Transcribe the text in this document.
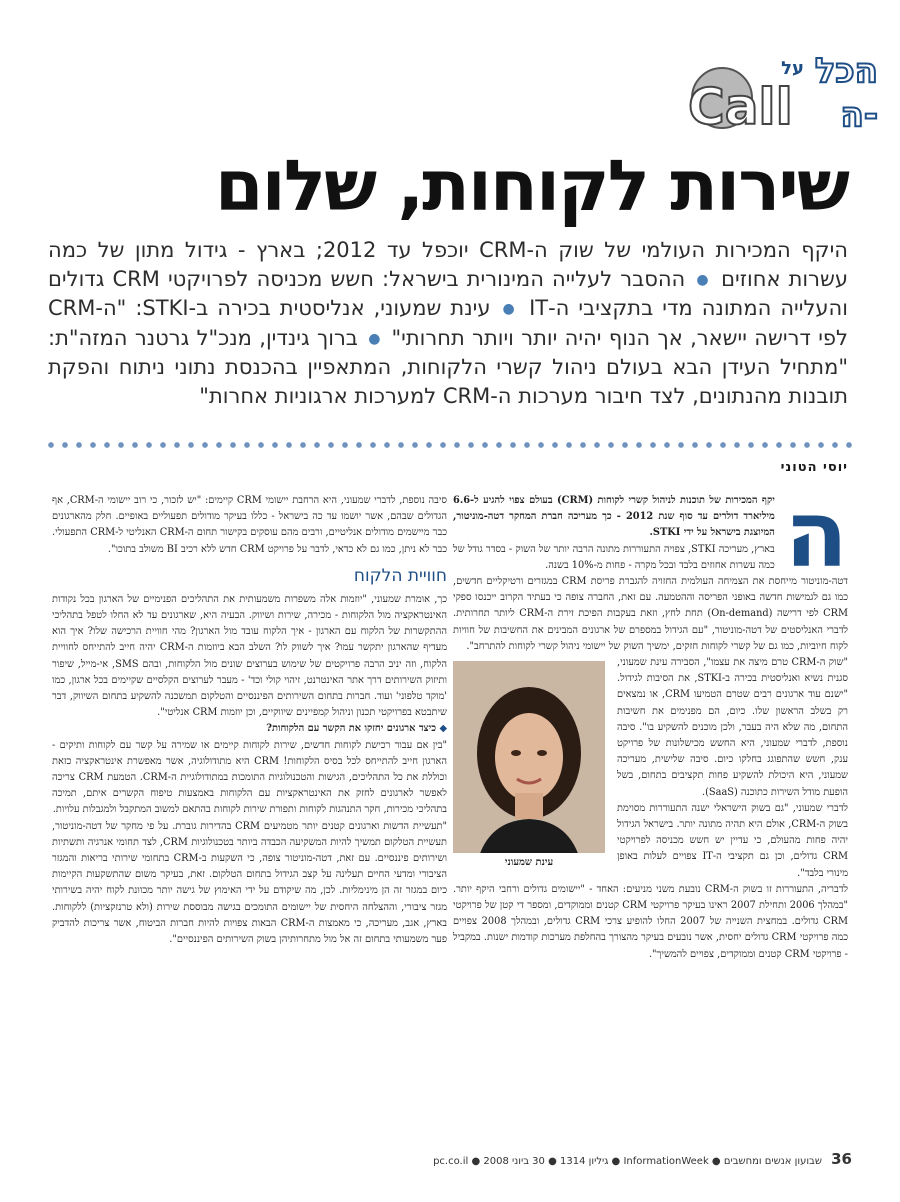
הכל
על
Call ה-
שירות לקוחות, שלום
היקף המכירות העולמי של שוק ה-CRM יוכפל עד 2012; בארץ - גידול מתון של כמה עשרות אחוזים ● ההסבר לעלייה המינורית בישראל: חשש מכניסה לפרויקטי CRM גדולים והעלייה המתונה מדי בתקציבי ה-IT ● עינת שמעוני, אנליסטית בכירה ב-STKI: "ה-CRM לפי דרישה יישאר, אך הנוף יהיה יותר ויותר תחרותי" ● ברוך גינדין, מנכ"ל גרטנר המזה"ת: "מתחיל העידן הבא בעולם ניהול קשרי הלקוחות, המתאפיין בהכנסת נתוני ניתוח והפקת תובנות מהנתונים, לצד חיבור מערכות ה-CRM למערכות ארגוניות אחרות"
יוסי הטוני
ה

יקף המכירות של תוכנות לניהול קשרי לקוחות (CRM) בעולם צפוי להגיע ל-6.6 מיליארד דולרים עד סוף שנת 2012 - כך מעריכה חברת המחקר דטה-מוניטור, המיוצגת בישראל על ידי STKI.

בארץ, מעריכה STKI, צפויה התעוררות מתונה הרבה יותר של השוק - בסדר גודל של כמה עשרות אחוזים בלבד ובכל מקרה - פחות מ-10% בשנה.

דטה-מוניטור מייחסת את הצמיחה העולמית החזויה להגברת פריסת CRM במגזרים ורטיקליים חדשים, כמו גם לגמישות חדשה באופני הפריסה וההטמעה. עם זאת, החברה צופה כי בעתיד הקרוב ייכנסו ספקי CRM לפי דרישה (On-demand) תחת לחץ, וזאת בעקבות הפיכת זירת ה-CRM ליותר תחרותית. לדברי האנליסטים של דטה-מוניטור, "עם הגידול במספרם של ארגונים המבינים את החשיבות של חוויות לקוח חיוביות, כמו גם של קשרי לקוחות חזקים, ימשיך השוק של יישומי ניהול קשרי לקוחות להתרחב".

עינת שמעוני

"שוק ה-CRM טרם מיצה את עצמו", הסבירה עינת שמעוני, סגנית נשיא ואנליסטית בכירה ב-STKI, את הסיבות לגידול. "ישנם עוד ארגונים רבים שטרם הטמיעו CRM, או נמצאים רק בשלב הראשון שלו. כיום, הם מפנימים את חשיבות התחום, מה שלא היה בעבר, ולכן מוכנים להשקיע בו". סיבה נוספת, לדברי שמעוני, היא החשש מכישלונות של פרויקט ענק, חשש שהתפוגג בחלקו כיום. סיבה שלישית, מעריכה שמעוני, היא היכולת להשקיע פחות תקציבים בתחום, בשל הופעת מודל השירות כתוכנה (SaaS).

לדברי שמעוני, "גם בשוק הישראלי ישנה התעוררות מסוימת בשוק ה-CRM, אולם היא תהיה מתונה יותר. בישראל הגידול יהיה פחות מהעולם, כי עדיין יש חשש מכניסה לפרויקטי CRM גדולים, וכן גם תקציבי ה-IT צפויים לעלות באופן מינורי בלבד".

לדבריה, התעוררות זו בשוק ה-CRM נובעת משני מניעים: האחד - "יישומים גדולים ורחבי היקף יותר. "במהלך 2006 ותחילת 2007 ראינו בעיקר פרויקטי CRM קטנים וממוקדים, ומספר די קטן של פרויקטי CRM גדולים. במחצית השנייה של 2007 החלו להופיע צרכי CRM גדולים, ובמהלך 2008 צפויים כמה פרויקטי CRM גדולים יחסית, אשר נובעים בעיקר מהצורך בהחלפת מערכות קודמות ישנות. במקביל - פרויקטי CRM קטנים וממוקדים, צפויים להמשיך".

סיבה נוספת, לדברי שמעוני, היא הרחבת יישומי CRM קיימים: "יש לזכור, כי רוב יישומי ה-CRM, אף הגדולים שבהם, אשר יושמו עד כה בישראל - כללו בעיקר מודולים תפעוליים באופיים. חלק מהארגונים כבר מיישמים מודולים אנליטיים, ורבים מהם עוסקים בקישור תחום ה-CRM האנליטי ל-CRM התפעולי. כבר לא ניתן, כמו גם לא כדאי, לדבר על פרויקט CRM חדש ללא רכיב BI משולב בתוכו".

חוויית הלקוח

כך, אומרת שמעוני, "יוזמות אלה משפרות משמעותית את התהליכים הפנימיים של הארגון בכל נקודות האינטראקציה מול הלקוחות - מכירה, שירות ושיווק. הבעיה היא, שארגונים עד לא החלו לטפל בתהליכי ההתקשרות של הלקוח עם הארגון - איך הלקוח עובד מול הארגון? מהי חוויית הרכישה שלו? איך הוא מעדיף שהארגון יתקשר עמו? איך לשווק לו? השלב הבא ביוזמות ה-CRM יהיה חייב להתייחס לחוויית הלקוח, וזה יניב הרבה פרויקטים של שימוש בערוצים שונים מול הלקוחות, ובהם SMS, אי-מייל, שיפור ותיזוק השירותים דרך אתר האינטרנט, זיהוי קולי וכד' - מעבר לערוצים הקלסיים שקיימים בכל ארגון, כמו 'מוקד טלפוני' ועוד. חברות בתחום השירותים הפיננסיים והטלקום תמשכנה להשקיע בתחום השיווק, דבר שיתבטא בפרויקטי תכנון וניהול קמפיינים שיווקיים, וכן יוזמות CRM אנליטי".

◆ כיצד ארגונים יחזקו את הקשר עם הלקוחות?

"בין אם עבור רכישת לקוחות חדשים, שירות לקוחות קיימים או שמירה על קשר עם לקוחות ותיקים - הארגון חייב להתייחס לכל בסיס הלקוחות! CRM היא מתודולוגיה, אשר מאפשרת אינטראקציה כזאת וכוללת את כל התהליכים, הגישות והטכנולוגיות התומכות במתודולוגיית ה-CRM. הטמעת CRM צריכה לאפשר לארגונים לחזק את האינטראקציות עם הלקוחות באמצעות טיפוח הקשרים איתם, תמיכה בתהליכי מכירות, חקר התנהגות לקוחות ותפורת שירות לקוחות בהתאם למשוב המתקבל ולמגבלות עלויות.

"תעשיית הדשות וארגונים קטנים יותר מטמיעים CRM בהדירות גוברת. על פי מחקר של דטה-מוניטור, תעשיית הטלקום תמשיך להיות המשקיעה הכבדה ביותר בטכנולוגיות CRM, לצד תחומי אנרגיה ותשתיות ושירותים פיננסיים. עם זאת, דטה-מוניטור צופה, כי השקעות ב-CRM בתחומי שירותי בריאות והמגזר הציבורי ומדעי החיים תעלינה על קצב הגידול בתחום הטלקום. זאת, בעיקר משום שהתשקעות הקיימות כיום במגזר זה הן מינימליות. לכן, מה שיקודם על ידי האימוץ של גישה יותר מכוונת לקוח יהיה בשירותי מגזר ציבורי, וההצלחה היחסית של יישומים התומכים בגישה מבוססת שירות (ולא טרנזקציות) ללקוחות. בארץ, אגב, מעריכה, כי מאמצות ה-CRM הבאות צפויות להיות חברות הביטוח, אשר צריכות להדביק פער משמעותי בתחום זה אל מול מתחרותיהן בשוק השירותים הפיננסיים".

36 שבועון אנשים ומחשבים ● InformationWeek ● גיליון 1314 ● 30 ביוני 2008 ● pc.co.il
